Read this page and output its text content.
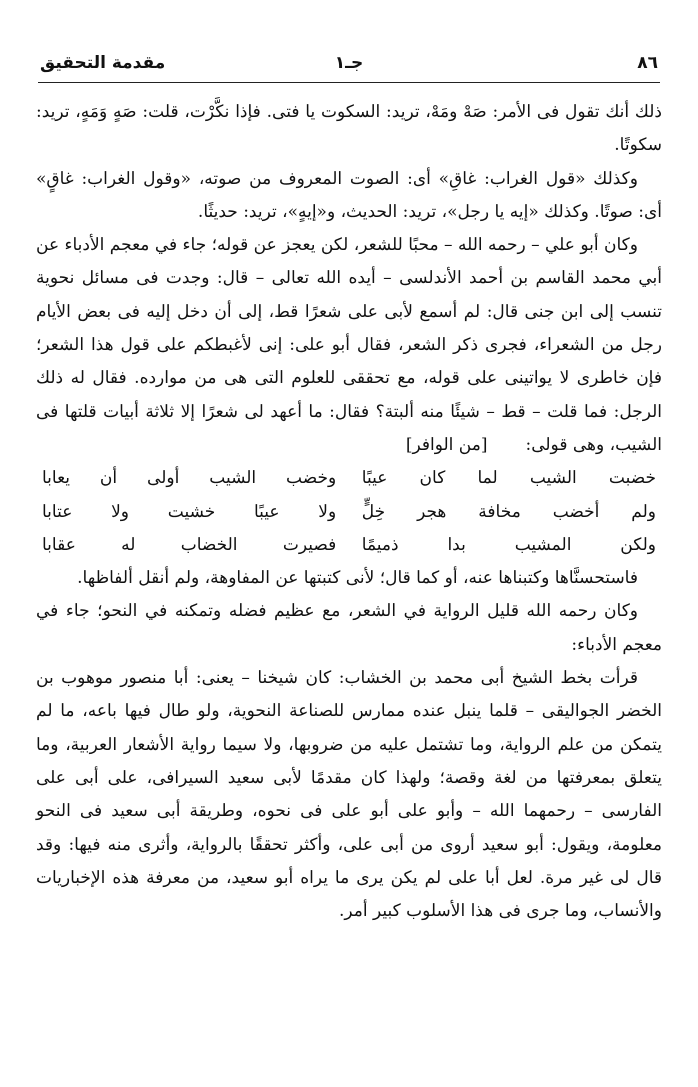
٨٦
جـ١
مقدمة التحقيق

ذلك أنك تقول فى الأمر: صَهْ ومَهْ، تريد: السكوت يا فتى. فإذا نكَّرْت، قلت: صَهٍ وَمَهٍ، تريد: سكوتًا.

وكذلك «قول الغراب: غاقِ» أى: الصوت المعروف من صوته، «وقول الغراب: غاقٍ» أى: صوتًا. وكذلك «إيه يا رجل»، تريد: الحديث، و«إيهٍ»، تريد: حديثًا.

وكان أبو علي – رحمه الله – محبًا للشعر، لكن يعجز عن قوله؛ جاء في معجم الأدباء عن أبي محمد القاسم بن أحمد الأندلسى – أيده الله تعالى – قال: وجدت فى مسائل نحوية تنسب إلى ابن جنى قال: لم أسمع لأبى على شعرًا قط، إلى أن دخل إليه فى بعض الأيام رجل من الشعراء، فجرى ذكر الشعر، فقال أبو على: إنى لأغبطكم على قول هذا الشعر؛ فإن خاطرى لا يواتينى على قوله، مع تحققى للعلوم التى هى من موارده. فقال له ذلك الرجل: فما قلت – قط – شيئًا منه ألبتة؟ فقال: ما أعهد لى شعرًا إلا ثلاثة أبيات قلتها فى الشيب، وهى قولى:[من الوافر]

خضبت الشيب لما كان عيبًا
وخضب الشيب أولى أن يعابا
ولم أخضب مخافة هجر خِلٍّ
ولا عيبًا خشيت ولا عتابا
ولكن المشيب بدا ذميمًا
فصيرت الخضاب له عقابا

فاستحسنَّاها وكتبناها عنه، أو كما قال؛ لأنى كتبتها عن المفاوهة، ولم أنقل ألفاظها.

وكان رحمه الله قليل الرواية في الشعر، مع عظيم فضله وتمكنه في النحو؛ جاء في معجم الأدباء:

قرأت بخط الشيخ أبى محمد بن الخشاب: كان شيخنا – يعنى: أبا منصور موهوب بن الخضر الجواليقى – قلما ينبل عنده ممارس للصناعة النحوية، ولو طال فيها باعه، ما لم يتمكن من علم الرواية، وما تشتمل عليه من ضروبها، ولا سيما رواية الأشعار العربية، وما يتعلق بمعرفتها من لغة وقصة؛ ولهذا كان مقدمًا لأبى سعيد السيرافى، على أبى على الفارسى – رحمهما الله – وأبو على أبو على فى نحوه، وطريقة أبى سعيد فى النحو معلومة، ويقول: أبو سعيد أروى من أبى على، وأكثر تحققًا بالرواية، وأثرى منه فيها: وقد قال لى غير مرة. لعل أبا على لم يكن يرى ما يراه أبو سعيد، من معرفة هذه الإخباريات والأنساب، وما جرى فى هذا الأسلوب كبير أمر.
